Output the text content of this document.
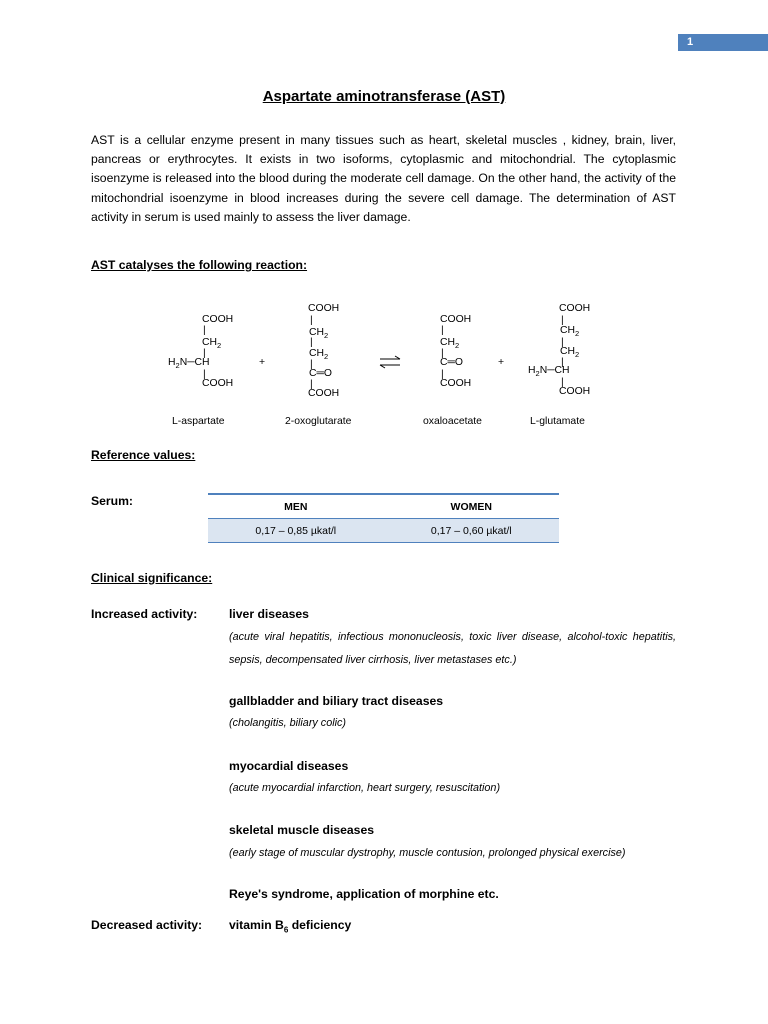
1
Aspartate aminotransferase (AST)

AST is a cellular enzyme present in many tissues such as heart, skeletal muscles , kidney, brain, liver, pancreas or erythrocytes. It exists in two isoforms, cytoplasmic and mitochondrial. The cytoplasmic isoenzyme is released into the blood during the moderate cell damage. On the other hand, the activity of the mitochondrial isoenzyme in blood increases during the severe cell damage. The determination of AST activity in serum is used mainly to assess the liver damage.

AST catalyses the following reaction:
COOH
|
$CH_2$
|
$H_2N─CH$
|
COOH
+
COOH
|
$CH_2$
|
$CH_2$
|
C═O
|
COOH
COOH
|
$CH_2$
|
C═O
|
COOH
+
COOH
|
$CH_2$
|
$CH_2$
|
$H_2N─CH$
|
COOH
L-aspartate	2-oxoglutarate	oxaloacetate	L-glutamate
Reference values:
Serum:	MEN	WOMEN
0,17 – 0,85 µkat/l	0,17 – 0,60 µkat/l
Clinical significance:
Increased activity:	liver diseases
(acute viral hepatitis, infectious mononucleosis, toxic liver disease, alcohol-toxic hepatitis, sepsis, decompensated liver cirrhosis, liver metastases etc.)
gallbladder and biliary tract diseases
(cholangitis, biliary colic)
myocardial diseases
(acute myocardial infarction, heart surgery, resuscitation)
skeletal muscle diseases
(early stage of muscular dystrophy, muscle contusion, prolonged physical exercise)
Reye's syndrome, application of morphine etc.
Decreased activity: vitamin $B_6$ deficiency
